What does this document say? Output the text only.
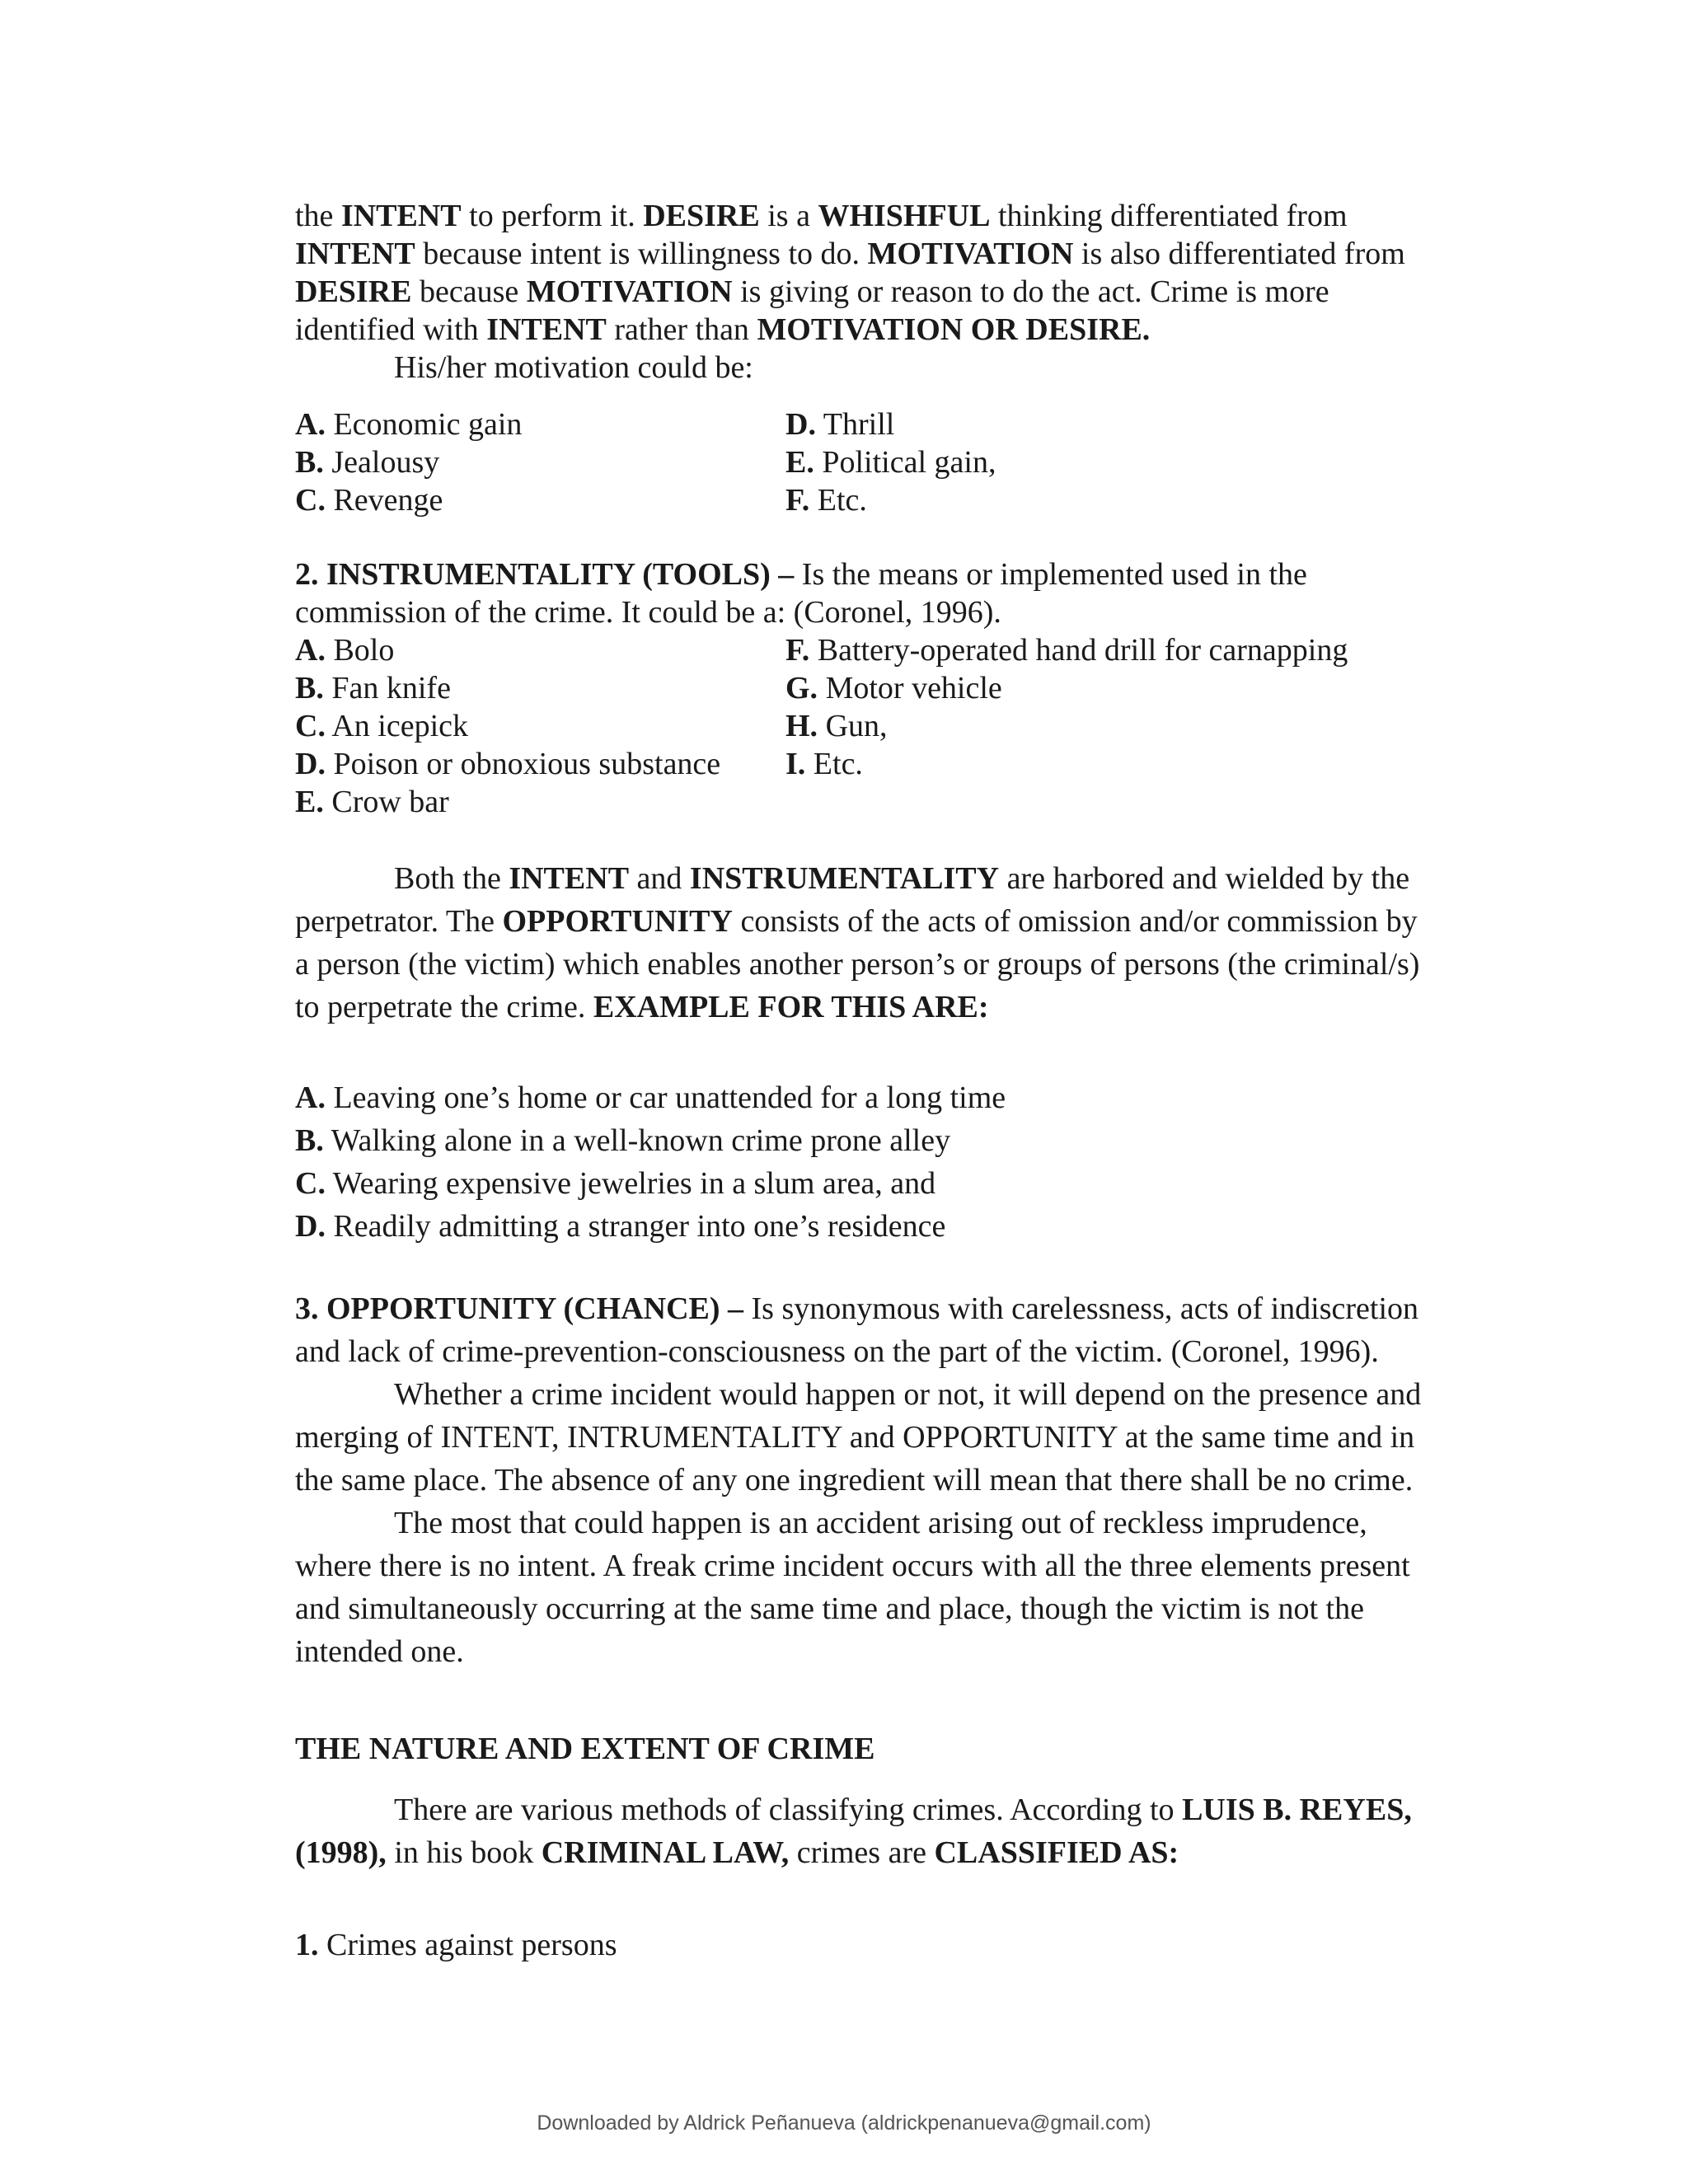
the INTENT to perform it. DESIRE is a WHISHFUL thinking differentiated from

INTENT because intent is willingness to do. MOTIVATION is also differentiated from

DESIRE because MOTIVATION is giving or reason to do the act. Crime is more

identified with INTENT rather than MOTIVATION OR DESIRE.

His/her motivation could be:

A. Economic gain

B. Jealousy

C. Revenge

D. Thrill

E. Political gain,

F. Etc.

2. INSTRUMENTALITY (TOOLS) – Is the means or implemented used in the

commission of the crime. It could be a: (Coronel, 1996).

A. Bolo

B. Fan knife

C. An icepick

D. Poison or obnoxious substance

E. Crow bar

F. Battery-operated hand drill for carnapping

G. Motor vehicle

H. Gun,

I. Etc.

Both the INTENT and INSTRUMENTALITY are harbored and wielded by the

perpetrator. The OPPORTUNITY consists of the acts of omission and/or commission by

a person (the victim) which enables another person’s or groups of persons (the criminal/s)

to perpetrate the crime. EXAMPLE FOR THIS ARE:

A. Leaving one’s home or car unattended for a long time

B. Walking alone in a well-known crime prone alley

C. Wearing expensive jewelries in a slum area, and

D. Readily admitting a stranger into one’s residence

3. OPPORTUNITY (CHANCE) – Is synonymous with carelessness, acts of indiscretion

and lack of crime-prevention-consciousness on the part of the victim. (Coronel, 1996).

Whether a crime incident would happen or not, it will depend on the presence and

merging of INTENT, INTRUMENTALITY and OPPORTUNITY at the same time and in

the same place. The absence of any one ingredient will mean that there shall be no crime.

The most that could happen is an accident arising out of reckless imprudence,

where there is no intent. A freak crime incident occurs with all the three elements present

and simultaneously occurring at the same time and place, though the victim is not the

intended one.

THE NATURE AND EXTENT OF CRIME

There are various methods of classifying crimes. According to LUIS B. REYES,

(1998), in his book CRIMINAL LAW, crimes are CLASSIFIED AS:

1. Crimes against persons

Downloaded by Aldrick Peñanueva (aldrickpenanueva@gmail.com)
